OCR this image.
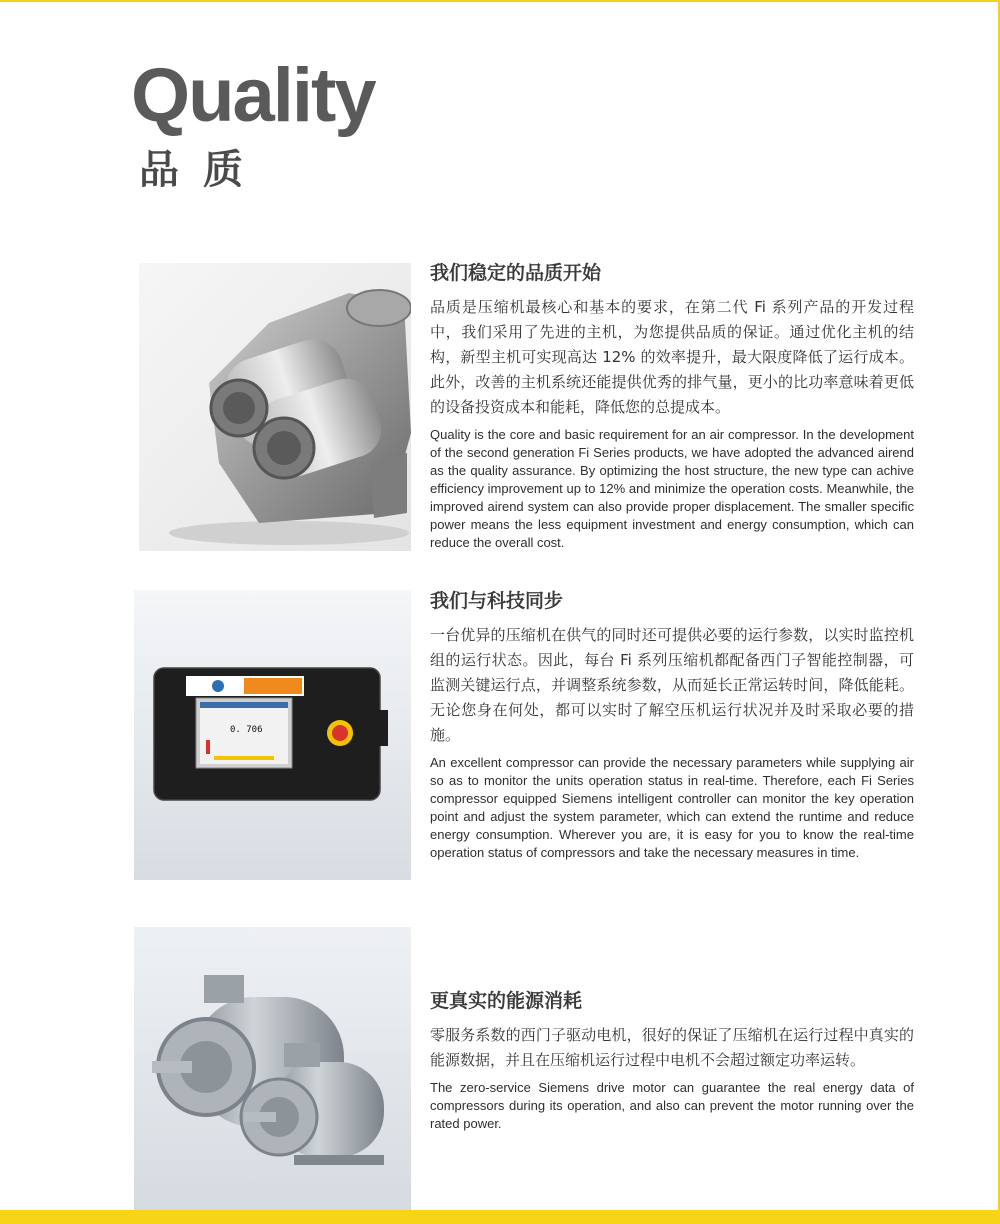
Quality
品质
我们稳定的品质开始
品质是压缩机最核心和基本的要求，在第二代 Fi 系列产品的开发过程中，我们采用了先进的主机，为您提供品质的保证。通过优化主机的结构，新型主机可实现高达 12% 的效率提升，最大限度降低了运行成本。此外，改善的主机系统还能提供优秀的排气量，更小的比功率意味着更低的设备投资成本和能耗，降低您的总提成本。
Quality is the core and basic requirement for an air compressor. In the development of the second generation Fi Series products, we have adopted the advanced airend as the quality assurance. By optimizing the host structure, the new type can achive efficiency improvement up to 12% and minimize the operation costs. Meanwhile, the improved airend system can also provide proper displacement. The smaller specific power means the less equipment investment and energy consumption, which can reduce the overall cost.
0. 706
我们与科技同步
一台优异的压缩机在供气的同时还可提供必要的运行参数，以实时监控机组的运行状态。因此，每台 Fi 系列压缩机都配备西门子智能控制器，可监测关键运行点，并调整系统参数，从而延长正常运转时间，降低能耗。无论您身在何处，都可以实时了解空压机运行状况并及时采取必要的措施。
An excellent compressor can provide the necessary parameters while supplying air so as to monitor the units operation status in real-time. Therefore, each Fi Series compressor equipped Siemens intelligent controller can monitor the key operation point and adjust the system parameter, which can extend the runtime and reduce energy consumption. Wherever you are, it is easy for you to know the real-time operation status of compressors and take the necessary measures in time.
更真实的能源消耗
零服务系数的西门子驱动电机，很好的保证了压缩机在运行过程中真实的能源数据，并且在压缩机运行过程中电机不会超过额定功率运转。
The zero-service Siemens drive motor can guarantee the real energy data of compressors during its operation, and also can prevent the motor running over the rated power.
